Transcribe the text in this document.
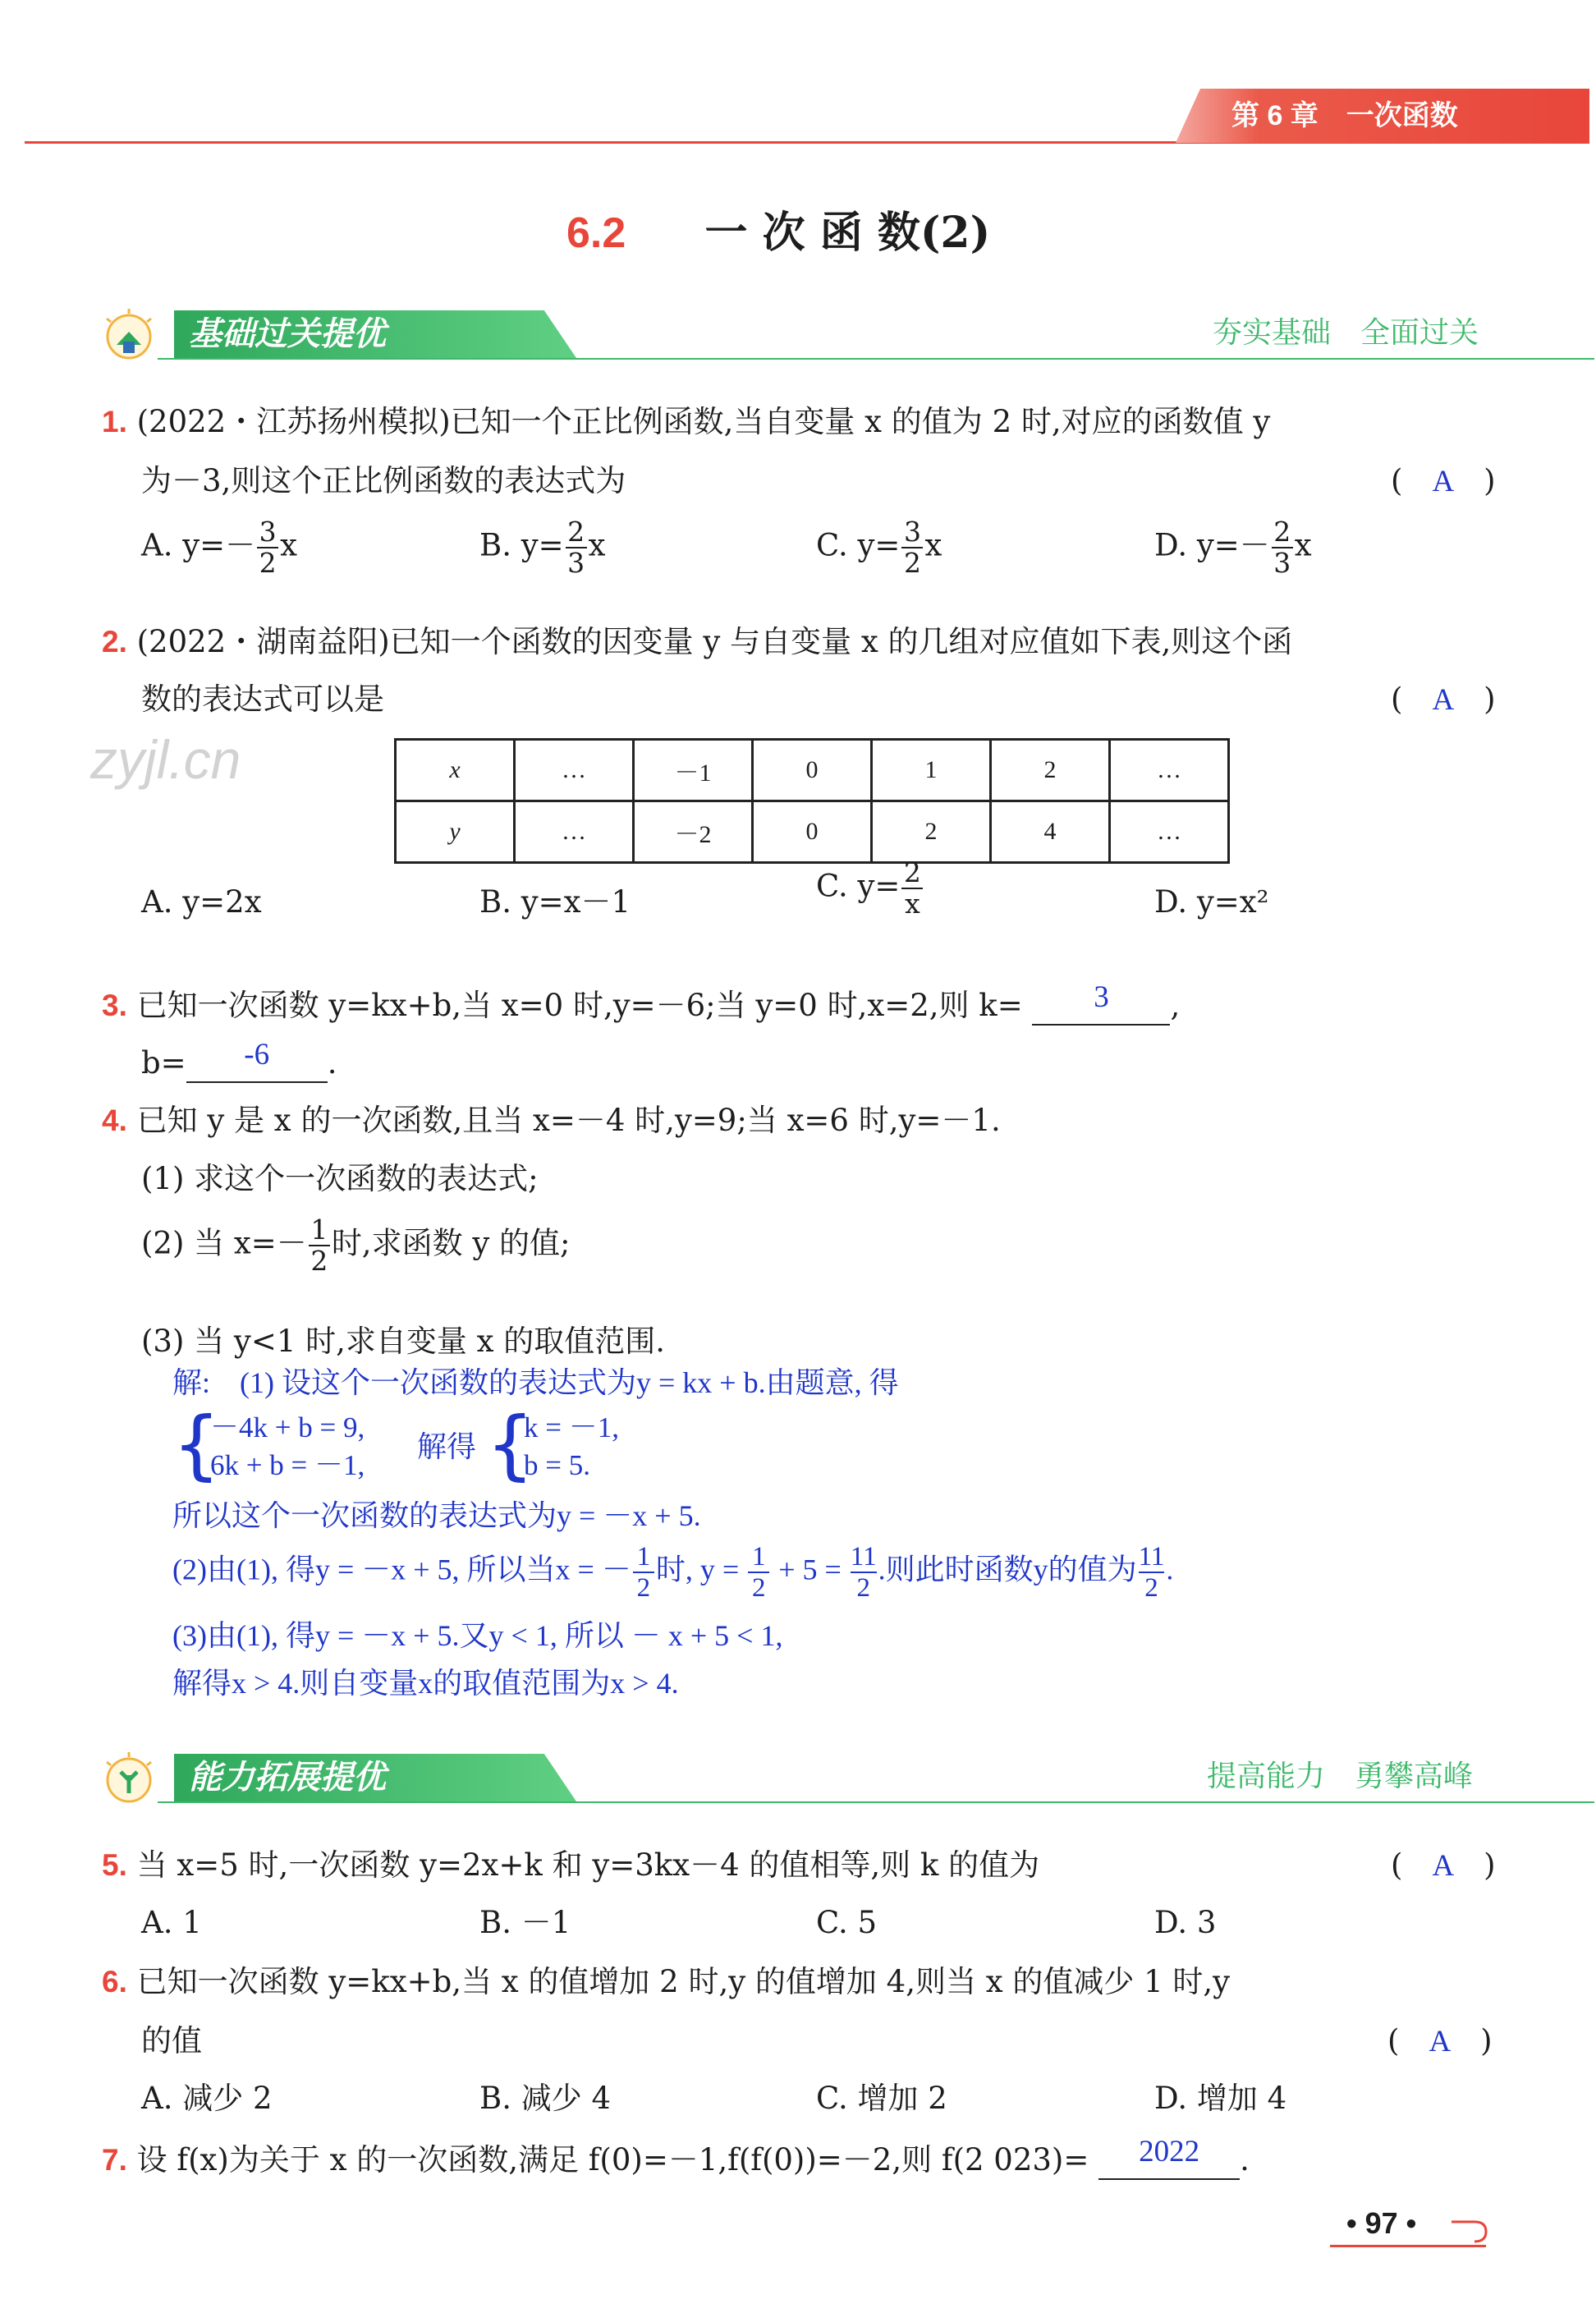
第 6 章　一次函数
6.2 一 次 函 数(2)
基础过关提优	夯实基础　全面过关
1. (2022・江苏扬州模拟)已知一个正比例函数,当自变量 x 的值为 2 时,对应的函数值 y
为－3,则这个正比例函数的表达式为	( A )
A. $y=- \frac{3}{2}$ x	B. $y= \frac{2}{3}$ x	C. $y= \frac{3}{2}$ x	D. $y=- \frac{2}{3}$ x
2. (2022・湖南益阳)已知一个函数的因变量 y 与自变量 x 的几组对应值如下表,则这个函
数的表达式可以是	( A )
zyjl.cn	x	…	－1	0	1	2	…
y	…	－2	0	2	4	…
A. y=2x	B. y=x－1	C. $y= \frac{2}{x}$	D. y=x²
3. 已知一次函数 y=kx+b,当 x=0 时,y=－6;当 y=0 时,x=2,则 k= 3 ,
b= -6 .
4. 已知 y 是 x 的一次函数,且当 x=－4 时,y=9;当 x=6 时,y=－1.
(1) 求这个一次函数的表达式;
(2) 当 $x=- \frac{1}{2}$ 时,求函数 y 的值;
(3) 当 y<1 时,求自变量 x 的取值范围.
解:　(1) 设这个一次函数的表达式为y = kx + b.由题意, 得
{
－4k + b = 9,
6k + b = －1,
解得 {
k = －1,
b = 5.
所以这个一次函数的表达式为y = －x + 5.
(2)由(1), 得y = －x + 5, 所以当x = － $\frac{1}{2}$ 时, $y = \frac{1}{2} + 5 = \frac{11}{2}$ .则此时函数y的值为 $\frac{11}{2}$ .
(3)由(1), 得y = －x + 5.又y < 1, 所以 － x + 5 < 1,
解得x > 4.则自变量x的取值范围为x > 4.
能力拓展提优	提高能力　勇攀高峰
5. 当 x=5 时,一次函数 y=2x+k 和 y=3kx－4 的值相等,则 k 的值为	( A )
A. 1	B. －1	C. 5	D. 3
6. 已知一次函数 y=kx+b,当 x 的值增加 2 时,y 的值增加 4,则当 x 的值减少 1 时,y
的值	( A )
A. 减少 2	B. 减少 4	C. 增加 2	D. 增加 4
7. 设 f(x)为关于 x 的一次函数,满足 f(0)=－1,f(f(0))=－2,则 f(2 023)= 2022 .
• 97 •
